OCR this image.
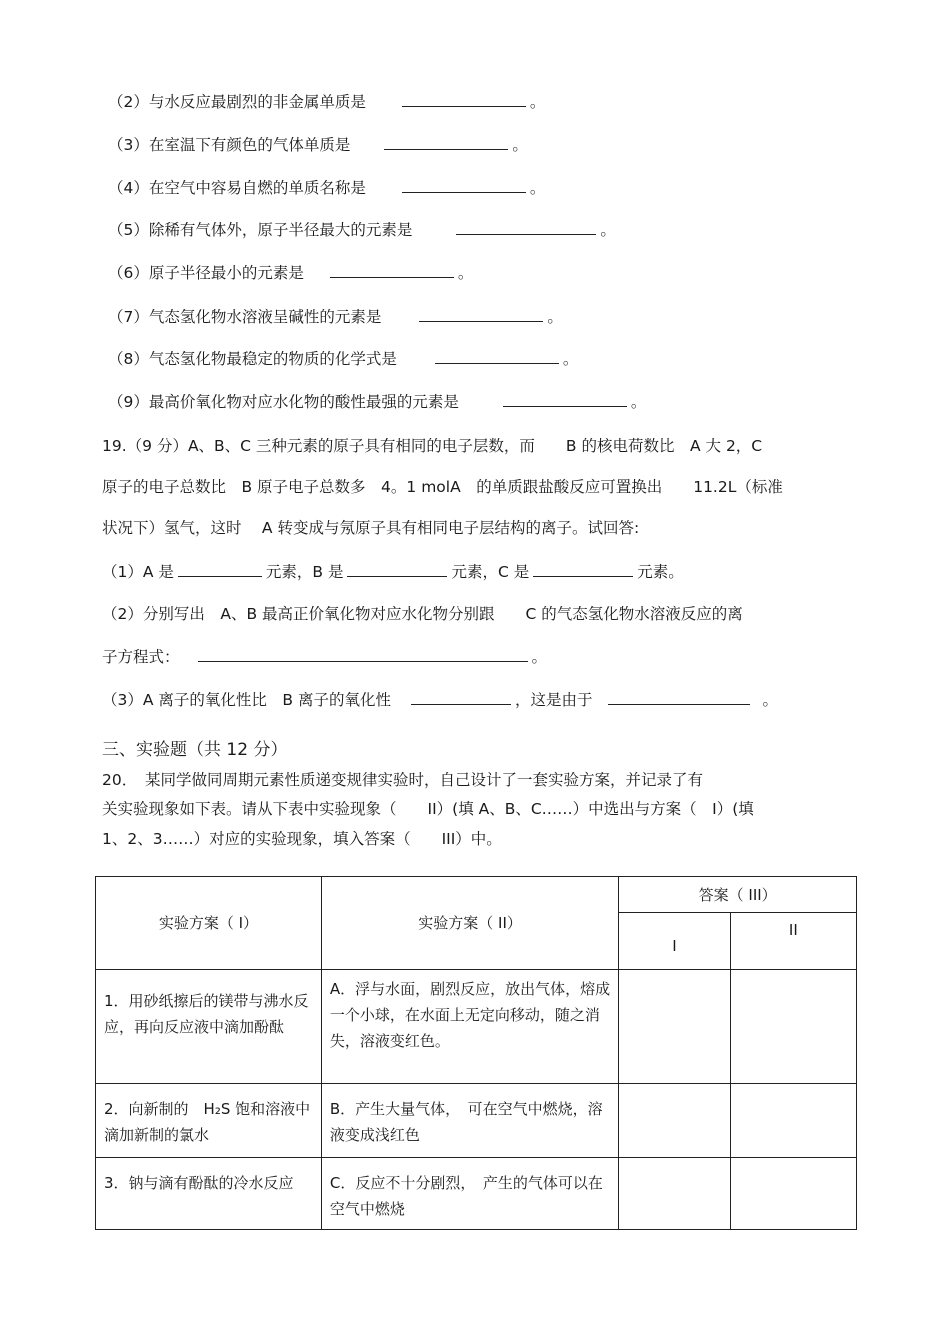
（2）与水反应最剧烈的非金属单质是	。
（3）在室温下有颜色的气体单质是	。
（4）在空气中容易自燃的单质名称是	。
（5）除稀有气体外，原子半径最大的元素是	。
（6）原子半径最小的元素是	。
（7）气态氢化物水溶液呈碱性的元素是	。
（8）气态氢化物最稳定的物质的化学式是	。
（9）最高价氧化物对应水化物的酸性最强的元素是	。
19.（9 分）A、B、C 三种元素的原子具有相同的电子层数，而　　B 的核电荷数比　A 大 2，C
原子的电子总数比　B 原子电子总数多　4。1 molA　的单质跟盐酸反应可置换出　　11.2L（标准
状况下）氢气，这时　 A 转变成与氖原子具有相同电子层结构的离子。试回答:
（1）A 是	元素，B 是	元素，C 是	元素。
（2）分别写出　A、B 最高正价氧化物对应水化物分别跟　　C 的气态氢化物水溶液反应的离
子方程式：	。
（3）A 离子的氧化性比　B 离子的氧化性	，这是由于	。
三、实验题（共 12 分）
20．　某同学做同周期元素性质递变规律实验时，自己设计了一套实验方案，并记录了有
关实验现象如下表。请从下表中实验现象（　　II）(填 A、B、C……）中选出与方案（　I）(填
1、2、3……）对应的实验现象，填入答案（　　III）中。
实验方案（ I）	实验方案（ II）	答案（ III）	
		I	II
1．用砂纸擦后的镁带与沸水反应，再向反应液中滴加酚酞	A．浮与水面，剧烈反应，放出气体，熔成一个小球，在水面上无定向移动，随之消失，溶液变红色。		
2．向新制的　H₂S 饱和溶液中滴加新制的氯水	B．产生大量气体，　可在空气中燃烧，溶液变成浅红色		
3．钠与滴有酚酞的冷水反应	C．反应不十分剧烈，　产生的气体可以在空气中燃烧		
